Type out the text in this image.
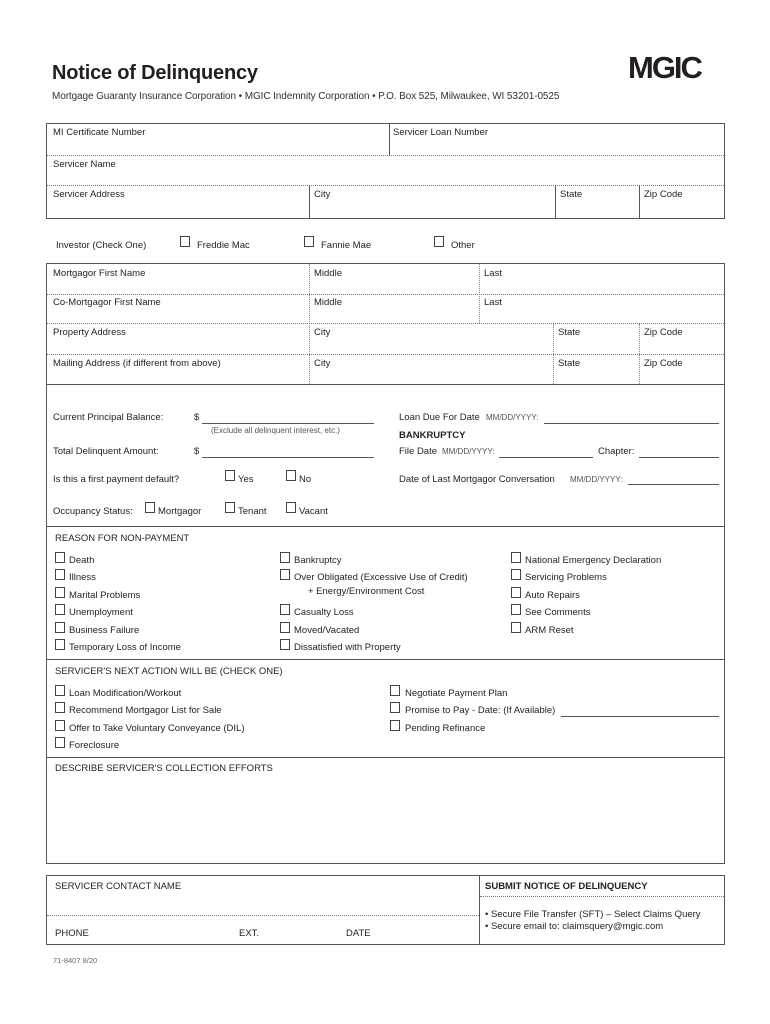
Notice of Delinquency
Mortgage Guaranty Insurance Corporation • MGIC Indemnity Corporation • P.O. Box 525, Milwaukee, WI 53201-0525
MGIC
MI Certificate Number	Servicer Loan Number
Servicer Name
Servicer Address	City	State	Zip Code
Investor (Check One)	Freddie Mac	Fannie Mae	Other
Mortgagor First Name	Middle	Last
Co-Mortgagor First Name	Middle	Last
Property Address	City	State	Zip Code
Mailing Address (if different from above)	City	State	Zip Code
Current Principal Balance:	$
(Exclude all delinquent interest, etc.)
Total Delinquent Amount:	$
Is this a first payment default?	Yes	No
Occupancy Status:	Mortgagor	Tenant	Vacant
Loan Due For Date MM/DD/YYYY:
BANKRUPTCY
File Date MM/DD/YYYY:	Chapter:
Date of Last Mortgagor Conversation MM/DD/YYYY:
REASON FOR NON-PAYMENT
Death
Illness
Marital Problems
Unemployment
Business Failure
Temporary Loss of Income
Bankruptcy
Over Obligated (Excessive Use of Credit)
+ Energy/Environment Cost
Casualty Loss
Moved/Vacated
Dissatisfied with Property
National Emergency Declaration
Servicing Problems
Auto Repairs
See Comments
ARM Reset
SERVICER'S NEXT ACTION WILL BE (CHECK ONE)
Loan Modification/Workout
Recommend Mortgagor List for Sale
Offer to Take Voluntary Conveyance (DIL)
Foreclosure
Negotiate Payment Plan
Promise to Pay - Date: (If Available)
Pending Refinance
DESCRIBE SERVICER'S COLLECTION EFFORTS
SERVICER CONTACT NAME
PHONE	EXT.	DATE
SUBMIT NOTICE OF DELINQUENCY
• Secure File Transfer (SFT) – Select Claims Query
• Secure email to: claimsquery@mgic.com
71-8407 8/20
